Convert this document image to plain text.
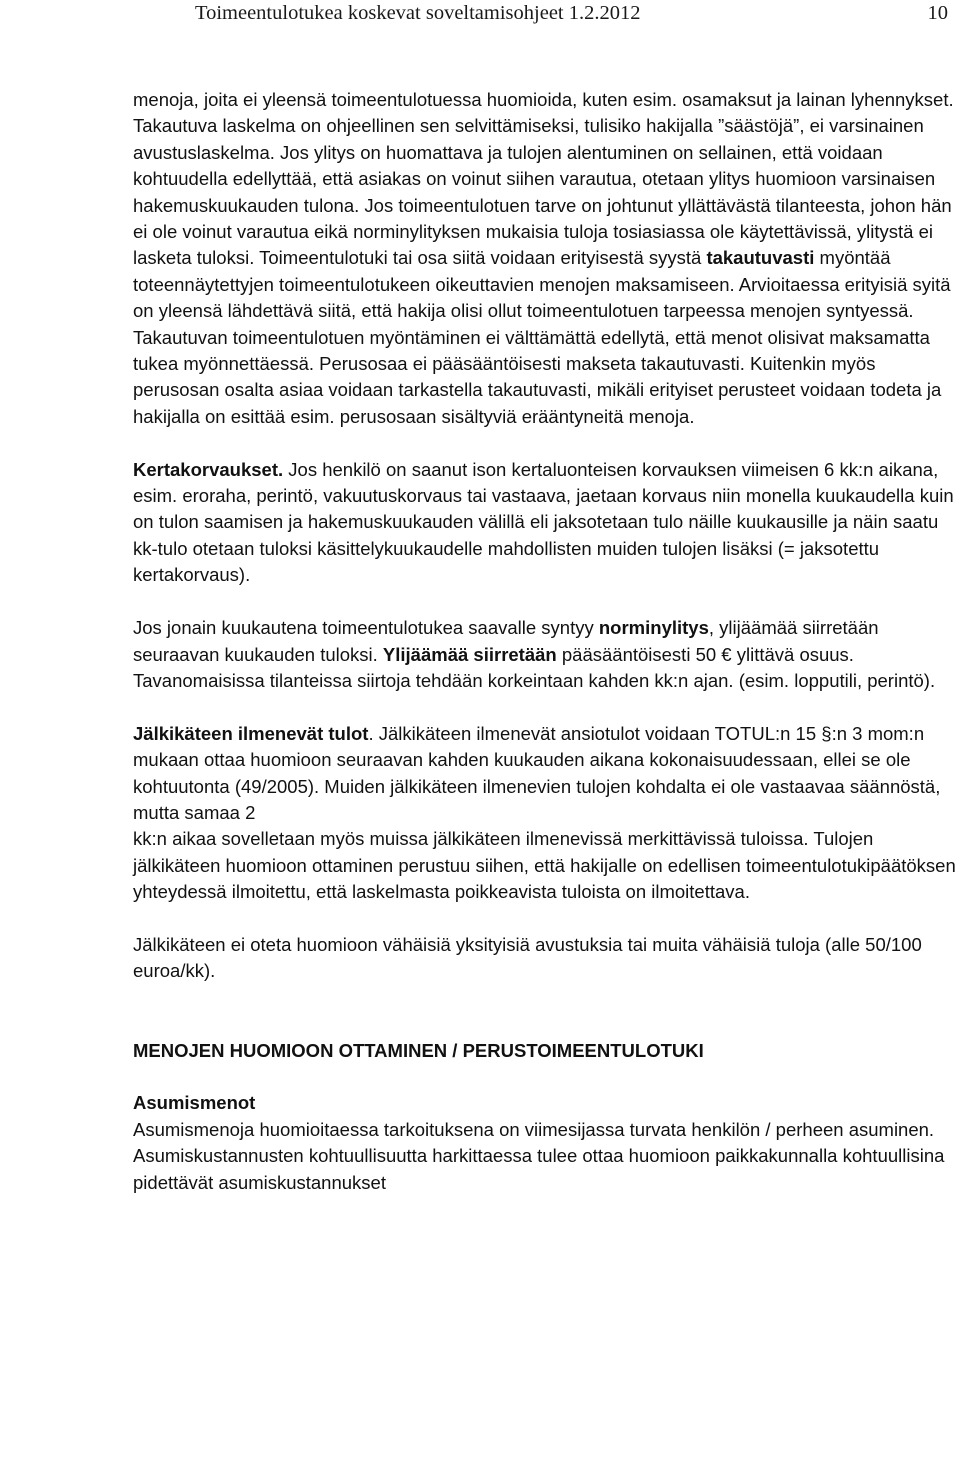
Toimeentulotukea koskevat soveltamisohjeet 1.2.2012	10

menoja, joita ei yleensä toimeentulotuessa huomioida, kuten esim. osamaksut ja lainan lyhennykset. Takautuva laskelma on ohjeellinen sen selvittämiseksi, tulisiko hakijalla ”säästöjä”, ei varsinainen avustuslaskelma. Jos ylitys on huomattava ja tulojen alentuminen on sellainen, että voidaan kohtuudella edellyttää, että asiakas on voinut siihen varautua, otetaan ylitys huomioon varsinaisen hakemuskuukauden tulona. Jos toimeentulotuen tarve on johtunut yllättävästä tilanteesta, johon hän ei ole voinut varautua eikä norminylityksen mukaisia tuloja tosiasiassa ole käytettävissä, ylitystä ei lasketa tuloksi. Toimeentulotuki tai osa siitä voidaan erityisestä syystä takautuvasti myöntää toteennäytettyjen toimeentulotukeen oikeuttavien menojen maksamiseen. Arvioitaessa erityisiä syitä on yleensä lähdettävä siitä, että hakija olisi ollut toimeentulotuen tarpeessa menojen syntyessä. Takautuvan toimeentulotuen myöntäminen ei välttämättä edellytä, että menot olisivat maksamatta tukea myönnettäessä. Perusosaa ei pääsääntöisesti makseta takautuvasti. Kuitenkin myös perusosan osalta asiaa voidaan tarkastella takautuvasti, mikäli erityiset perusteet voidaan todeta ja hakijalla on esittää esim. perusosaan sisältyviä erääntyneitä menoja.

Kertakorvaukset. Jos henkilö on saanut ison kertaluonteisen korvauksen viimeisen 6 kk:n aikana, esim. eroraha, perintö, vakuutuskorvaus tai vastaava, jaetaan korvaus niin monella kuukaudella kuin on tulon saamisen ja hakemuskuukauden välillä eli jaksotetaan tulo näille kuukausille ja näin saatu kk-tulo otetaan tuloksi käsittelykuukaudelle mahdollisten muiden tulojen lisäksi (= jaksotettu kertakorvaus).

Jos jonain kuukautena toimeentulotukea saavalle syntyy norminylitys, ylijäämää siirretään seuraavan kuukauden tuloksi. Ylijäämää siirretään pääsääntöisesti 50 € ylittävä osuus. Tavanomaisissa tilanteissa siirtoja tehdään korkeintaan kahden kk:n ajan. (esim. lopputili, perintö).

Jälkikäteen ilmenevät tulot. Jälkikäteen ilmenevät ansiotulot voidaan TOTUL:n 15 §:n 3 mom:n mukaan ottaa huomioon seuraavan kahden kuukauden aikana kokonaisuudessaan, ellei se ole kohtuutonta (49/2005). Muiden jälkikäteen ilmenevien tulojen kohdalta ei ole vastaavaa säännöstä, mutta samaa 2
kk:n aikaa sovelletaan myös muissa jälkikäteen ilmenevissä merkittävissä tuloissa. Tulojen jälkikäteen huomioon ottaminen perustuu siihen, että hakijalle on edellisen toimeentulotukipäätöksen yhteydessä ilmoitettu, että laskelmasta poikkeavista tuloista on ilmoitettava.

Jälkikäteen ei oteta huomioon vähäisiä yksityisiä avustuksia tai muita vähäisiä tuloja (alle 50/100 euroa/kk).

MENOJEN HUOMIOON OTTAMINEN / PERUSTOIMEENTULOTUKI
Asumismenot

Asumismenoja huomioitaessa tarkoituksena on viimesijassa turvata henkilön / perheen asuminen. Asumiskustannusten kohtuullisuutta harkittaessa tulee ottaa huomioon paikkakunnalla kohtuullisina pidettävät asumiskustannukset
